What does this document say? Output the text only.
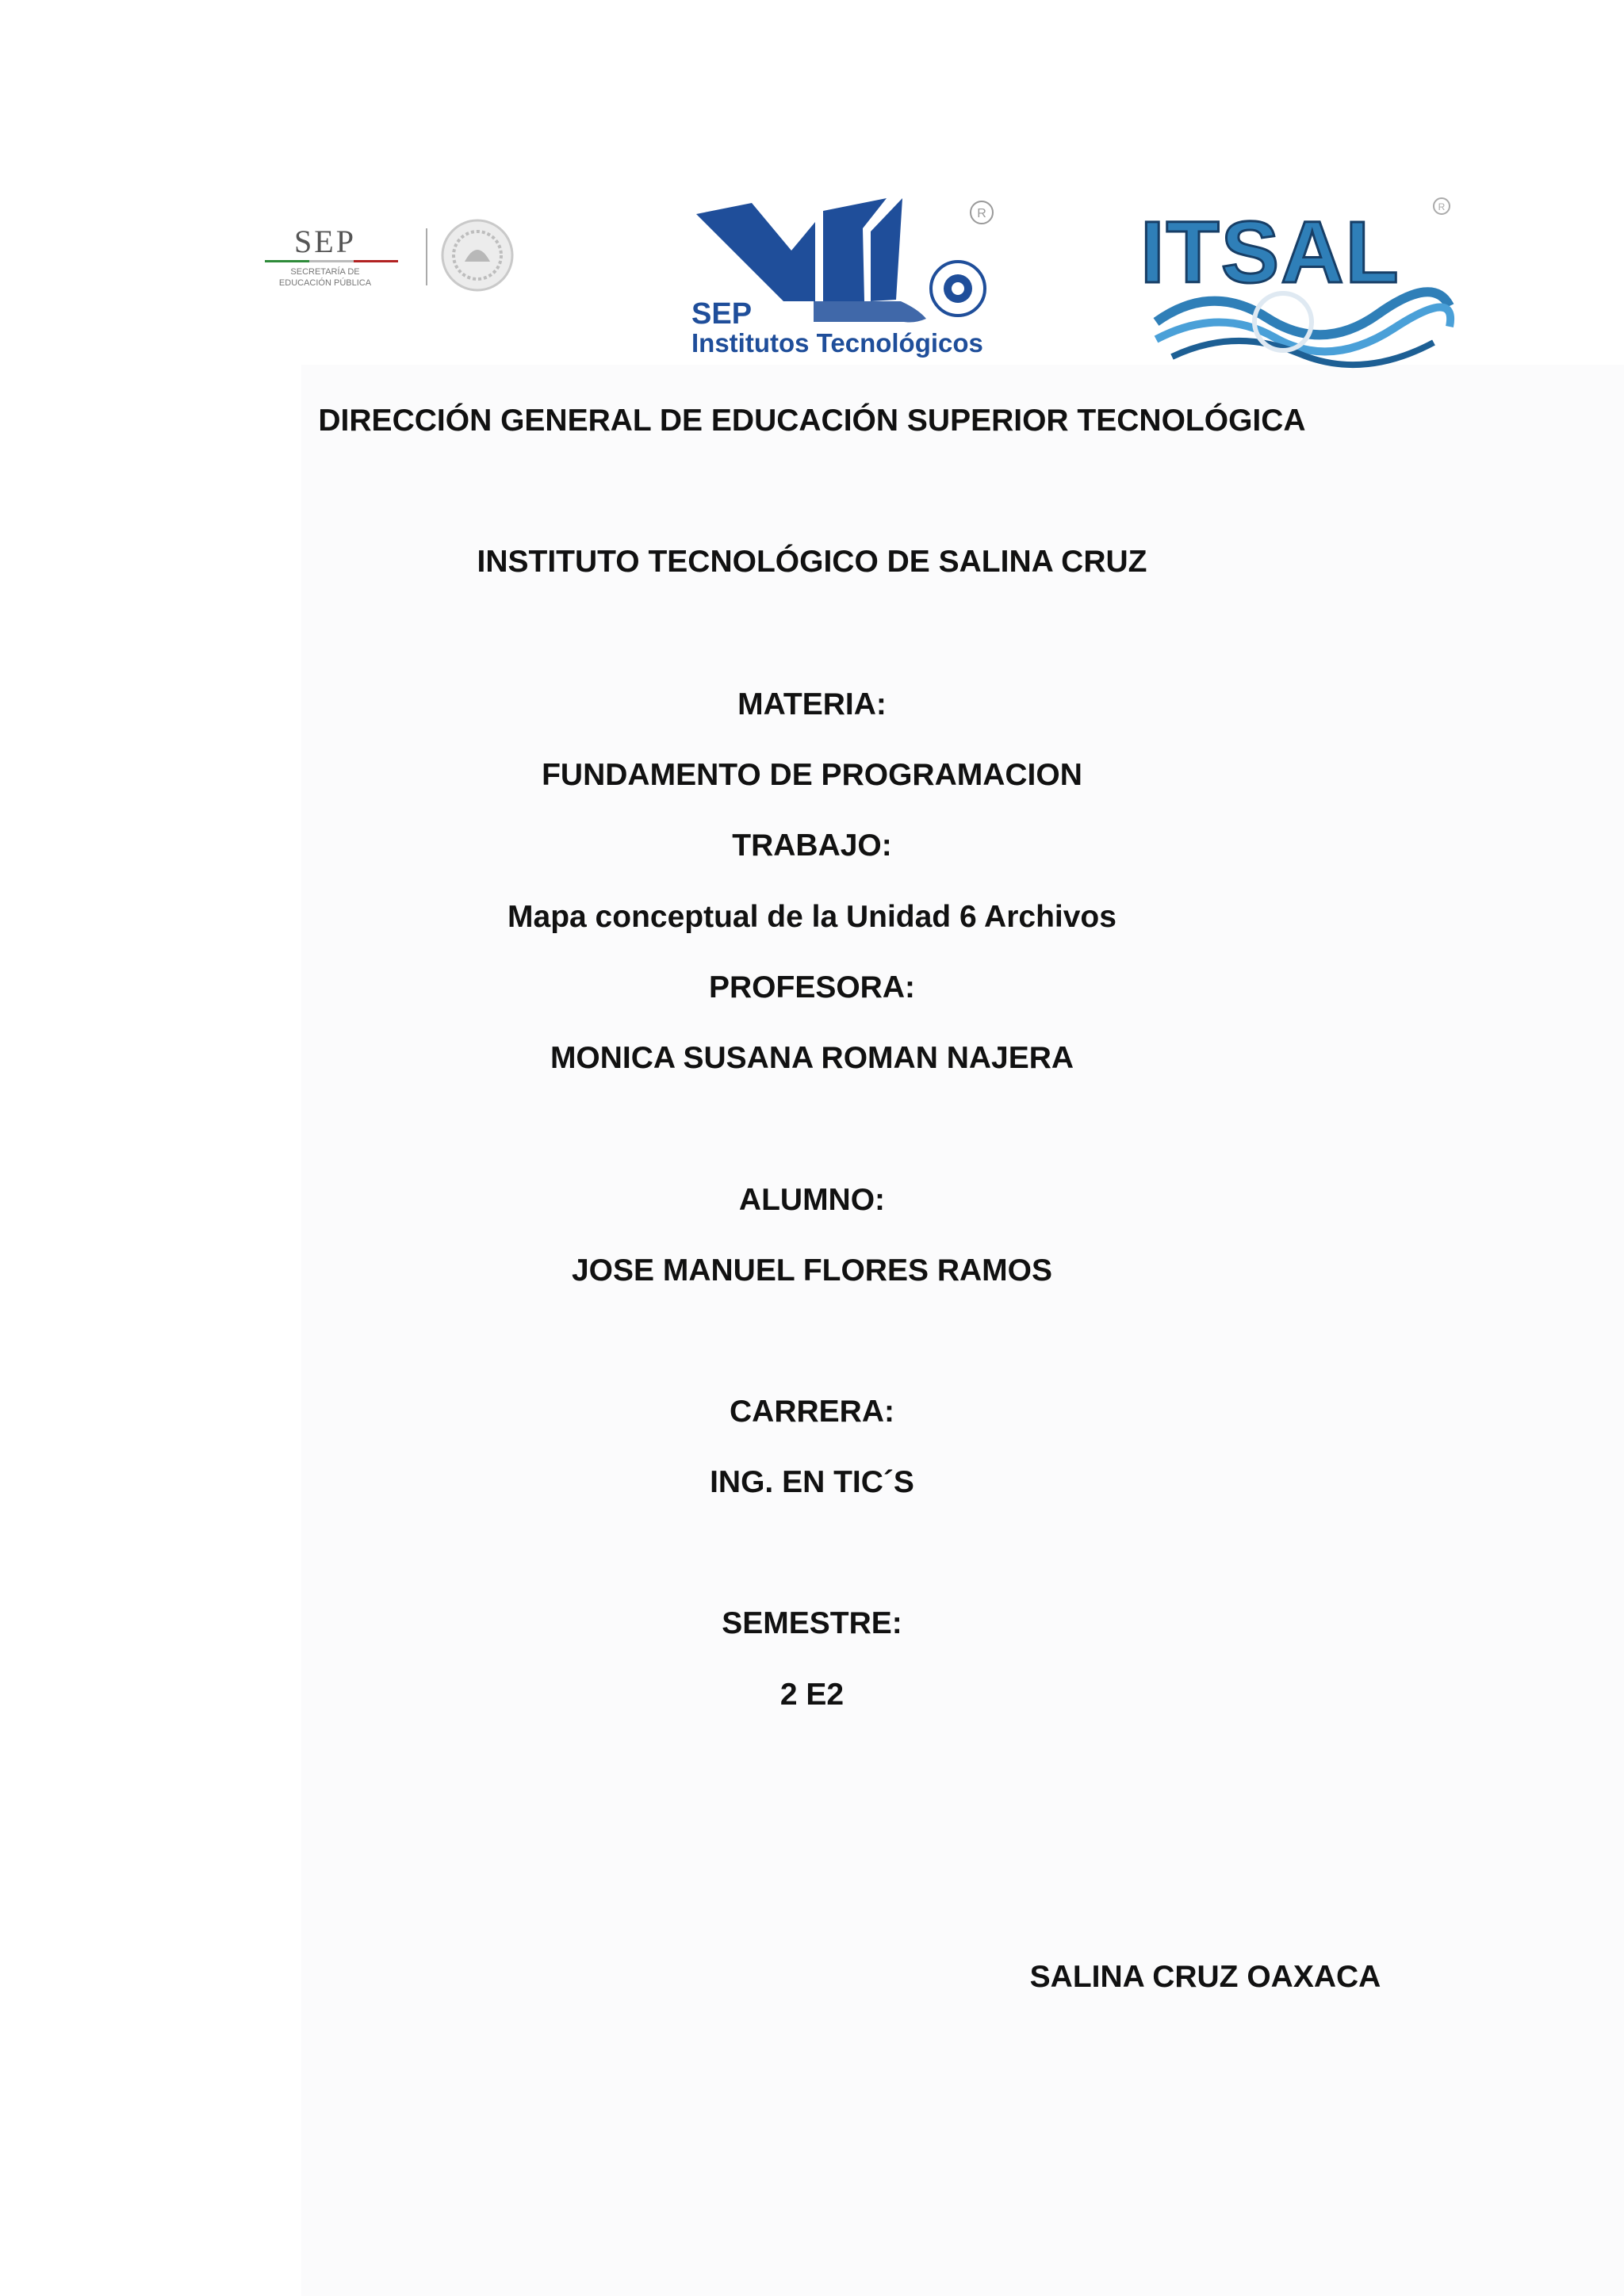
SEP
SECRETARÍA DE
EDUCACIÓN PÚBLICA
R
SEP
Institutos Tecnológicos
ITSAL	R
DIRECCIÓN GENERAL DE EDUCACIÓN SUPERIOR TECNOLÓGICA
INSTITUTO TECNOLÓGICO DE SALINA CRUZ
MATERIA:
FUNDAMENTO DE PROGRAMACION
TRABAJO:
Mapa conceptual de la Unidad 6 Archivos
PROFESORA:
MONICA SUSANA ROMAN NAJERA
ALUMNO:
JOSE MANUEL FLORES RAMOS
CARRERA:
ING. EN TIC´S
SEMESTRE:
2 E2
SALINA CRUZ OAXACA
